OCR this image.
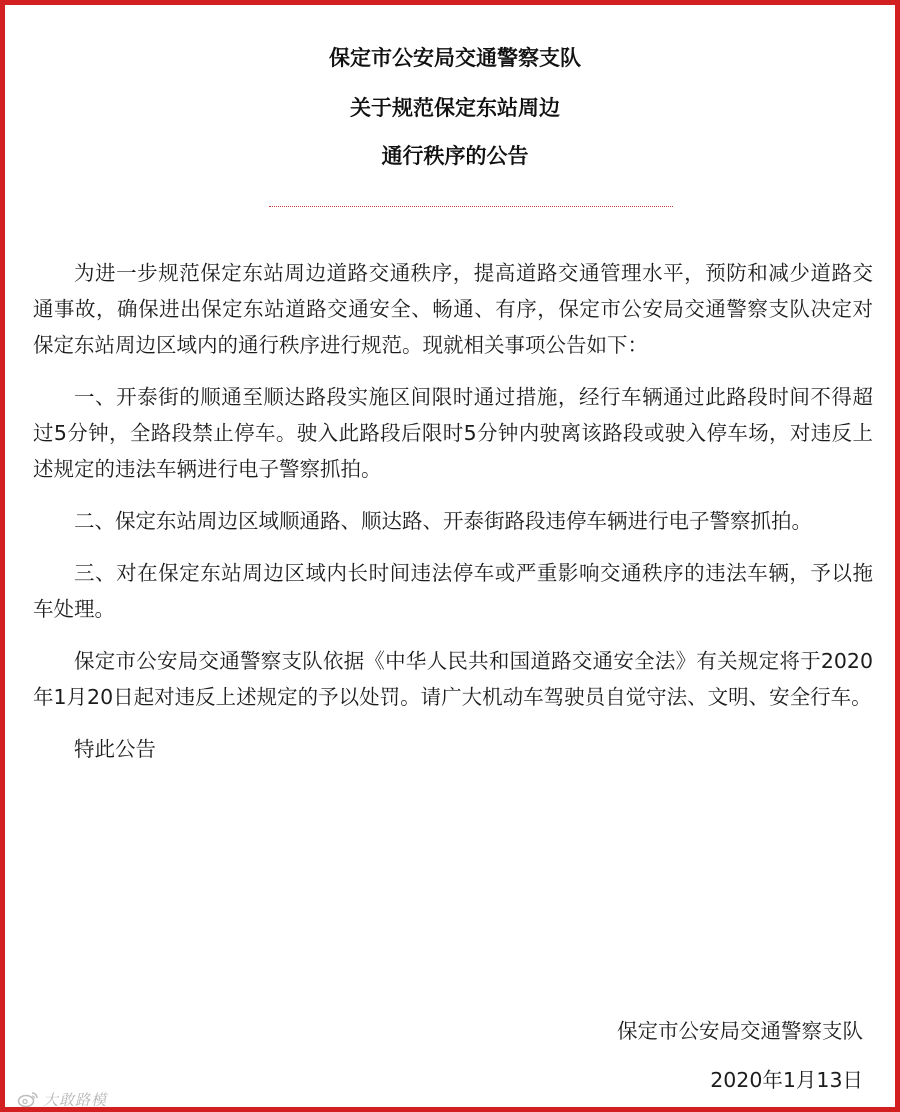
保定市公安局交通警察支队
关于规范保定东站周边
通行秩序的公告

为进一步规范保定东站周边道路交通秩序，提高道路交通管理水平，预防和减少道路交通事故，确保进出保定东站道路交通安全、畅通、有序，保定市公安局交通警察支队决定对保定东站周边区域内的通行秩序进行规范。现就相关事项公告如下：

一、开泰街的顺通至顺达路段实施区间限时通过措施，经行车辆通过此路段时间不得超过5分钟，全路段禁止停车。驶入此路段后限时5分钟内驶离该路段或驶入停车场，对违反上述规定的违法车辆进行电子警察抓拍。

二、保定东站周边区域顺通路、顺达路、开泰街路段违停车辆进行电子警察抓拍。

三、对在保定东站周边区域内长时间违法停车或严重影响交通秩序的违法车辆，予以拖车处理。

保定市公安局交通警察支队依据《中华人民共和国道路交通安全法》有关规定将于2020年1月20日起对违反上述规定的予以处罚。请广大机动车驾驶员自觉守法、文明、安全行车。

特此公告

保定市公安局交通警察支队
2020年1月13日
大敢路模
